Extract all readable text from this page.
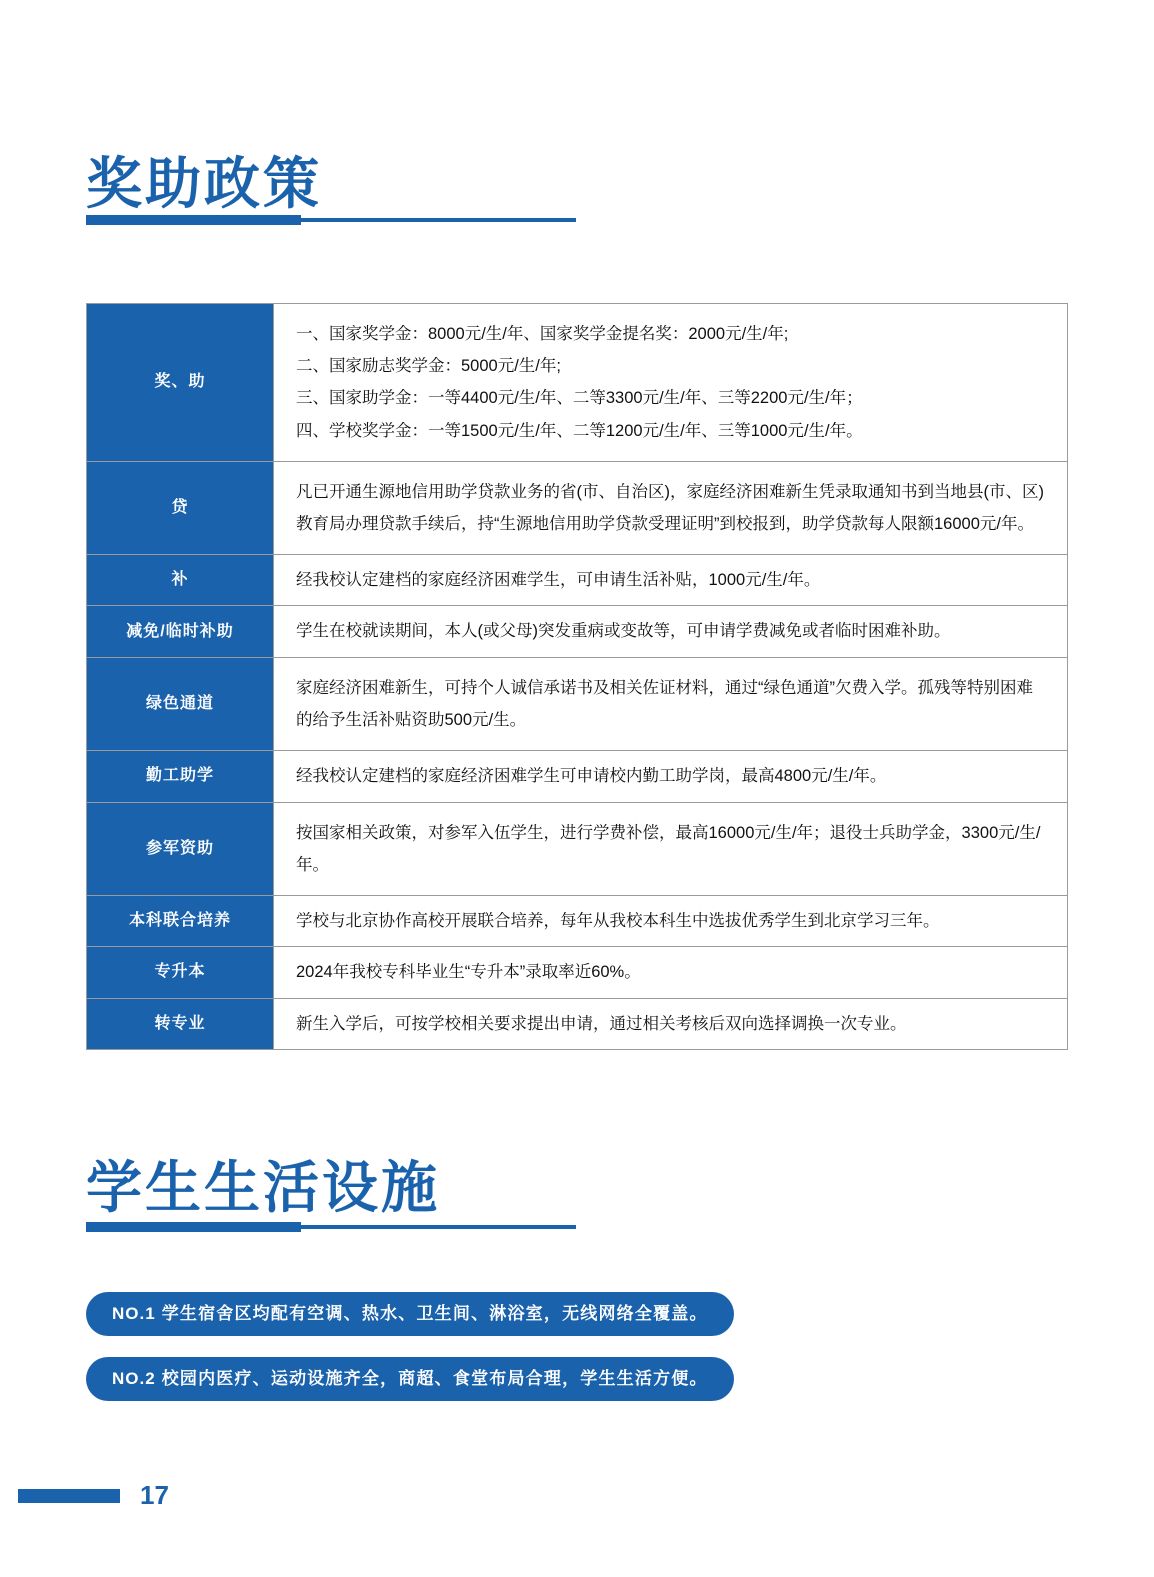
奖助政策
奖、助	一、国家奖学金：8000元/生/年、国家奖学金提名奖：2000元/生/年;
二、国家励志奖学金：5000元/生/年;
三、国家助学金：一等4400元/生/年、二等3300元/生/年、三等2200元/生/年；
四、学校奖学金：一等1500元/生/年、二等1200元/生/年、三等1000元/生/年。

贷	凡已开通生源地信用助学贷款业务的省(市、自治区)，家庭经济困难新生凭录取通知书到当地县(市、区)教育局办理贷款手续后，持“生源地信用助学贷款受理证明”到校报到，助学贷款每人限额16000元/年。

补	经我校认定建档的家庭经济困难学生，可申请生活补贴，1000元/生/年。

减免/临时补助	学生在校就读期间，本人(或父母)突发重病或变故等，可申请学费减免或者临时困难补助。

绿色通道	家庭经济困难新生，可持个人诚信承诺书及相关佐证材料，通过“绿色通道”欠费入学。孤残等特别困难的给予生活补贴资助500元/生。

勤工助学	经我校认定建档的家庭经济困难学生可申请校内勤工助学岗，最高4800元/生/年。

参军资助	按国家相关政策，对参军入伍学生，进行学费补偿，最高16000元/生/年；退役士兵助学金，3300元/生/年。

本科联合培养	学校与北京协作高校开展联合培养，每年从我校本科生中选拔优秀学生到北京学习三年。

专升本	2024年我校专科毕业生“专升本”录取率近60%。

转专业	新生入学后，可按学校相关要求提出申请，通过相关考核后双向选择调换一次专业。
学生生活设施
NO.1 学生宿舍区均配有空调、热水、卫生间、淋浴室，无线网络全覆盖。
NO.2 校园内医疗、运动设施齐全，商超、食堂布局合理，学生生活方便。
17
